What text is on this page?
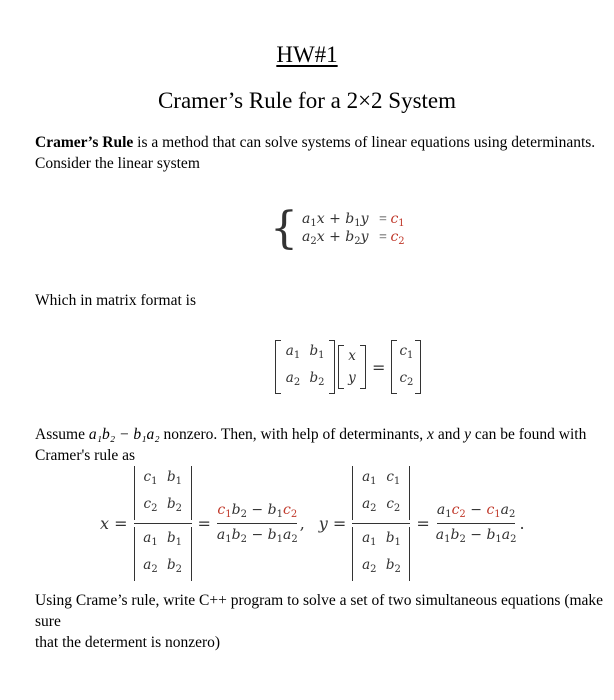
HW#1
Cramer’s Rule for a 2×2 System
Cramer’s Rule is a method that can solve systems of linear equations using determinants.
Consider the linear system
{ $a_1x + b_1y = c_1$
$a_2x + b_2y = c_2$
Which in matrix format is
$a_1$ $b_1$
$a_2$ $b_2$
x
y
=
$c_1$
$c_2$
Assume a₁b₂ − b₁a₂ nonzero. Then, with help of determinants, x and y can be found with
Cramer's rule as
$x = c_1$ $b_1$
$c_2$ $b_2$
$a_1$ $b_1$
$a_2$ $b_2 = \frac{c_1b_2 - b_1c_2}{a_1b_2 - b_1a_2}$ , $y = a_1$ $c_1$
$a_2$ $c_2$
$a_1$ $b_1$
$a_2$ $b_2 = \frac{a_1c_2 - c_1a_2}{a_1b_2 - b_1a_2}$ .
Using Crame’s rule, write C++ program to solve a set of two simultaneous equations (make sure
that the determent is nonzero)
